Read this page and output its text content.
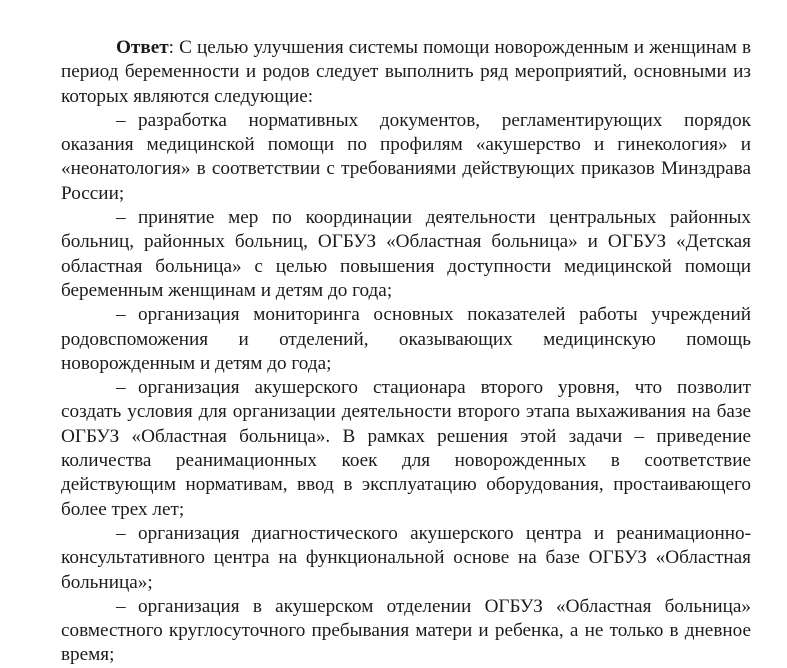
Ответ: С целью улучшения системы помощи новорожденным и женщинам в период беременности и родов следует выполнить ряд мероприятий, основными из которых являются следующие:

– разработка нормативных документов, регламентирующих порядок оказания медицинской помощи по профилям «акушерство и гинекология» и «неонатология» в соответствии с требованиями действующих приказов Минздрава России;

– принятие мер по координации деятельности центральных районных больниц, районных больниц, ОГБУЗ «Областная больница» и ОГБУЗ «Детская областная больница» с целью повышения доступности медицинской помощи беременным женщинам и детям до года;

– организация мониторинга основных показателей работы учреждений родовспоможения и отделений, оказывающих медицинскую помощь новорожденным и детям до года;

– организация акушерского стационара второго уровня, что позволит создать условия для организации деятельности второго этапа выхаживания на базе ОГБУЗ «Областная больница». В рамках решения этой задачи – приведение количества реанимационных коек для новорожденных в соответствие действующим нормативам, ввод в эксплуатацию оборудования, простаивающего более трех лет;

– организация диагностического акушерского центра и реанимационно-консультативного центра на функциональной основе на базе ОГБУЗ «Областная больница»;

– организация в акушерском отделении ОГБУЗ «Областная больница» совместного круглосуточного пребывания матери и ребенка, а не только в дневное время;
